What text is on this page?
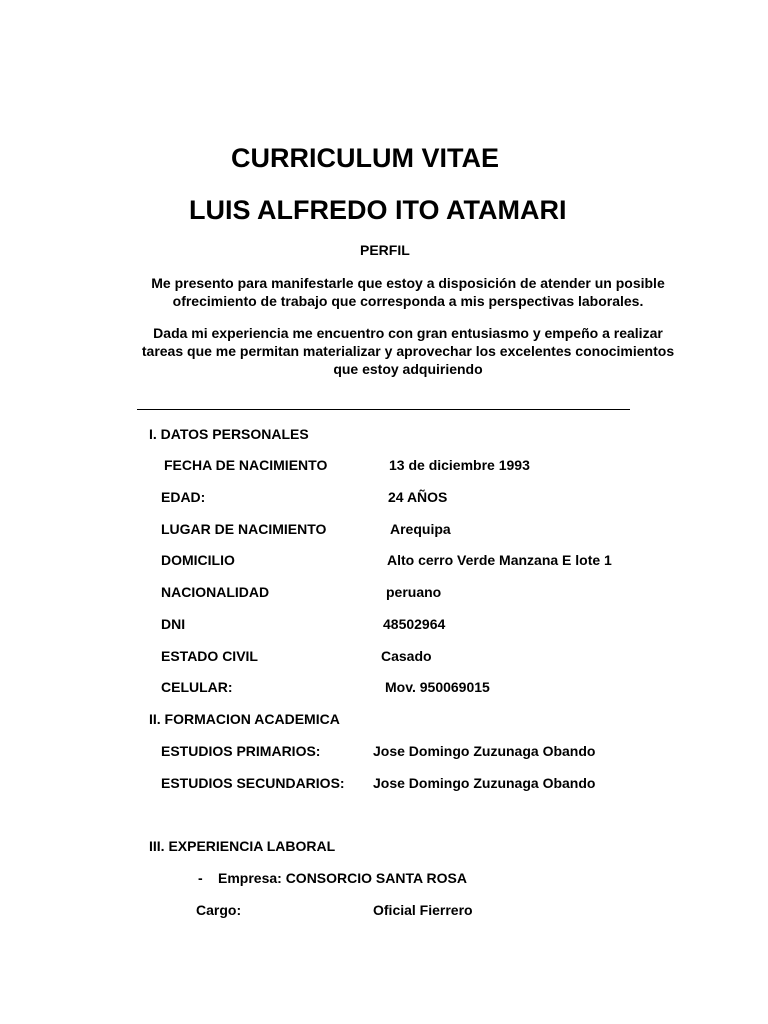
CURRICULUM VITAE
LUIS ALFREDO ITO ATAMARI
PERFIL
Me presento para manifestarle que estoy a disposición de atender un posible ofrecimiento de trabajo que corresponda a mis perspectivas laborales.
Dada mi experiencia me encuentro con gran entusiasmo y empeño a realizar tareas que me permitan materializar y aprovechar los excelentes conocimientos que estoy adquiriendo
I. DATOS PERSONALES
FECHA DE NACIMIENTO	13 de diciembre 1993
EDAD:	24 AÑOS
LUGAR DE NACIMIENTO	Arequipa
DOMICILIO	Alto cerro Verde Manzana E lote 1
NACIONALIDAD	peruano
DNI	48502964
ESTADO CIVIL	Casado
CELULAR:	Mov. 950069015
II. FORMACION ACADEMICA
ESTUDIOS PRIMARIOS:	Jose Domingo Zuzunaga Obando
ESTUDIOS SECUNDARIOS: Jose Domingo Zuzunaga Obando
III. EXPERIENCIA LABORAL
- Empresa: CONSORCIO SANTA ROSA
Cargo:	Oficial Fierrero
